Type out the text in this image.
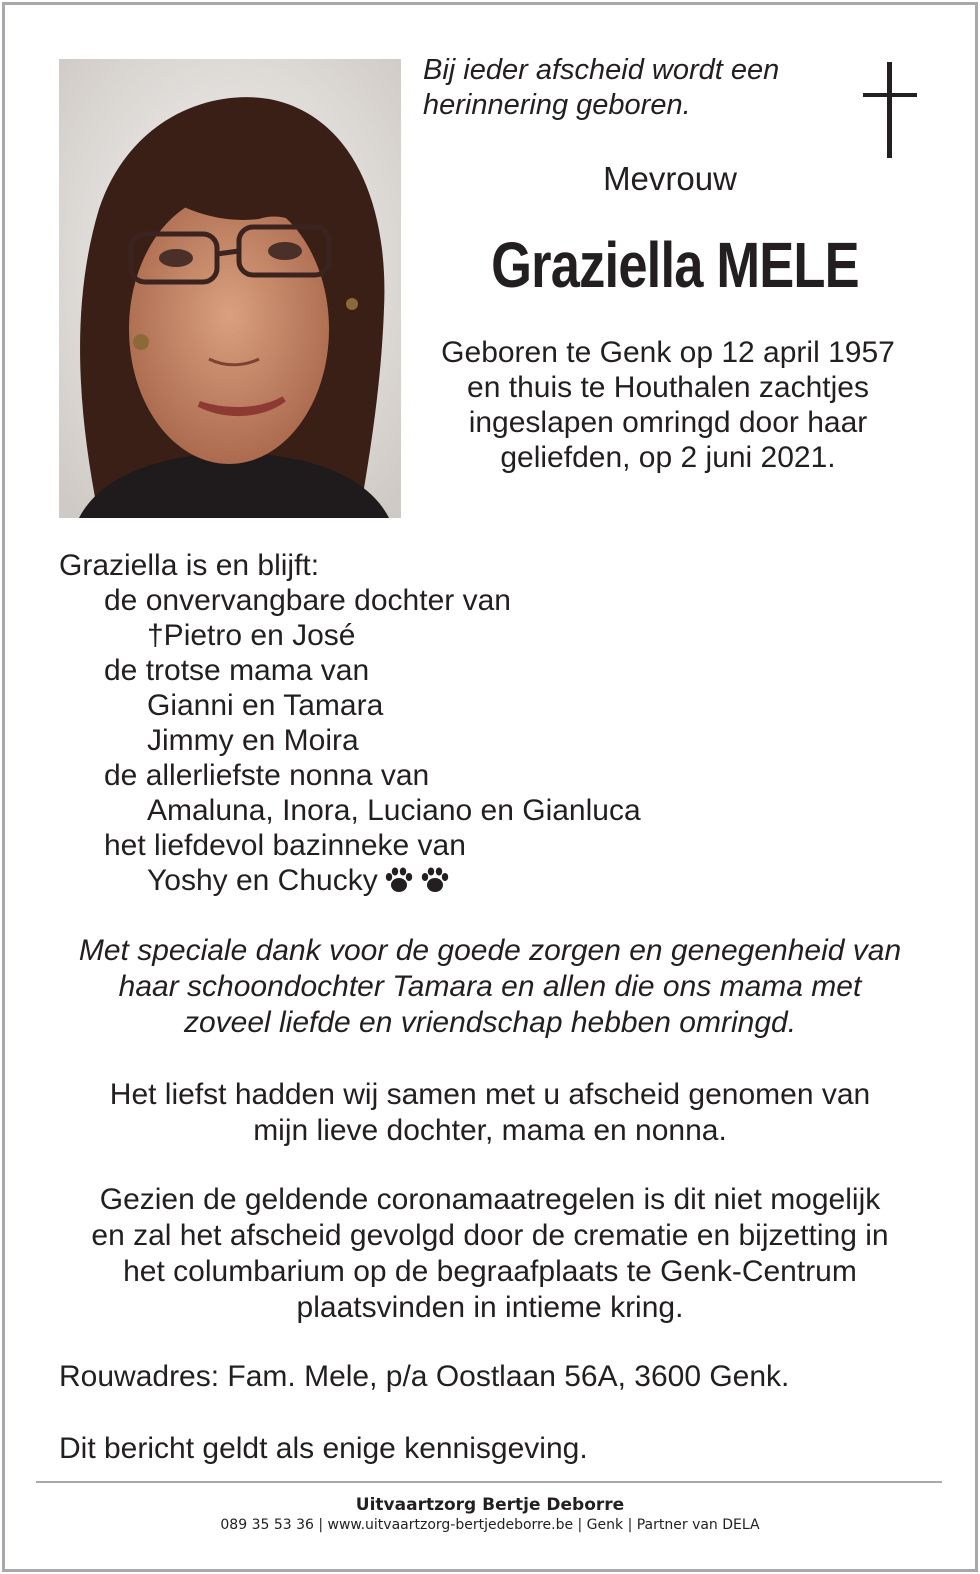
Bij ieder afscheid wordt een
herinnering geboren.
Mevrouw
Graziella MELE
Geboren te Genk op 12 april 1957
en thuis te Houthalen zachtjes
ingeslapen omringd door haar
geliefden, op 2 juni 2021.
Graziella is en blijft:
de onvervangbare dochter van
†Pietro en José
de trotse mama van
Gianni en Tamara
Jimmy en Moira
de allerliefste nonna van
Amaluna, Inora, Luciano en Gianluca
het liefdevol bazinneke van
Yoshy en Chucky
Met speciale dank voor de goede zorgen en genegenheid van
haar schoondochter Tamara en allen die ons mama met
zoveel liefde en vriendschap hebben omringd.
Het liefst hadden wij samen met u afscheid genomen van
mijn lieve dochter, mama en nonna.
Gezien de geldende coronamaatregelen is dit niet mogelijk
en zal het afscheid gevolgd door de crematie en bijzetting in
het columbarium op de begraafplaats te Genk-Centrum
plaatsvinden in intieme kring.
Rouwadres: Fam. Mele, p/a Oostlaan 56A, 3600 Genk.
Dit bericht geldt als enige kennisgeving.
Uitvaartzorg Bertje Deborre
089 35 53 36 | www.uitvaartzorg-bertjedeborre.be | Genk | Partner van DELA
